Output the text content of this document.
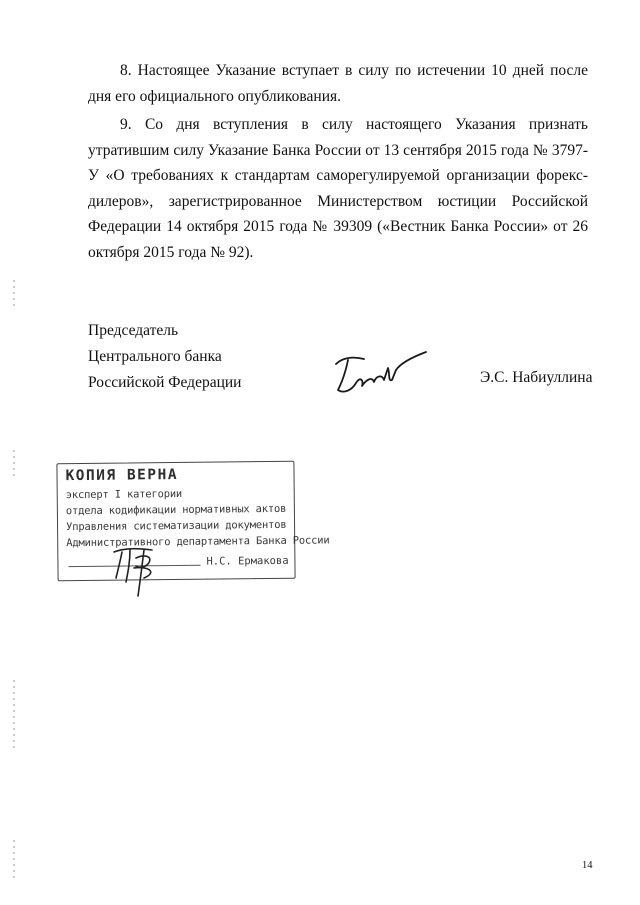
8. Настоящее Указание вступает в силу по истечении 10 дней после дня его официального опубликования.

9. Со дня вступления в силу настоящего Указания признать утратившим силу Указание Банка России от 13 сентября 2015 года № 3797-У «О требованиях к стандартам саморегулируемой организации форекс-дилеров», зарегистрированное Министерством юстиции Российской Федерации 14 октября 2015 года № 39309 («Вестник Банка России» от 26 октября 2015 года № 92).

Председатель
Центрального банка
Российской Федерации	Э.С. Набиуллина
КОПИЯ ВЕРНА
эксперт I категории
отдела кодификации нормативных актов
Управления систематизации документов
Административного департамента Банка России
Н.С. Ермакова
14
